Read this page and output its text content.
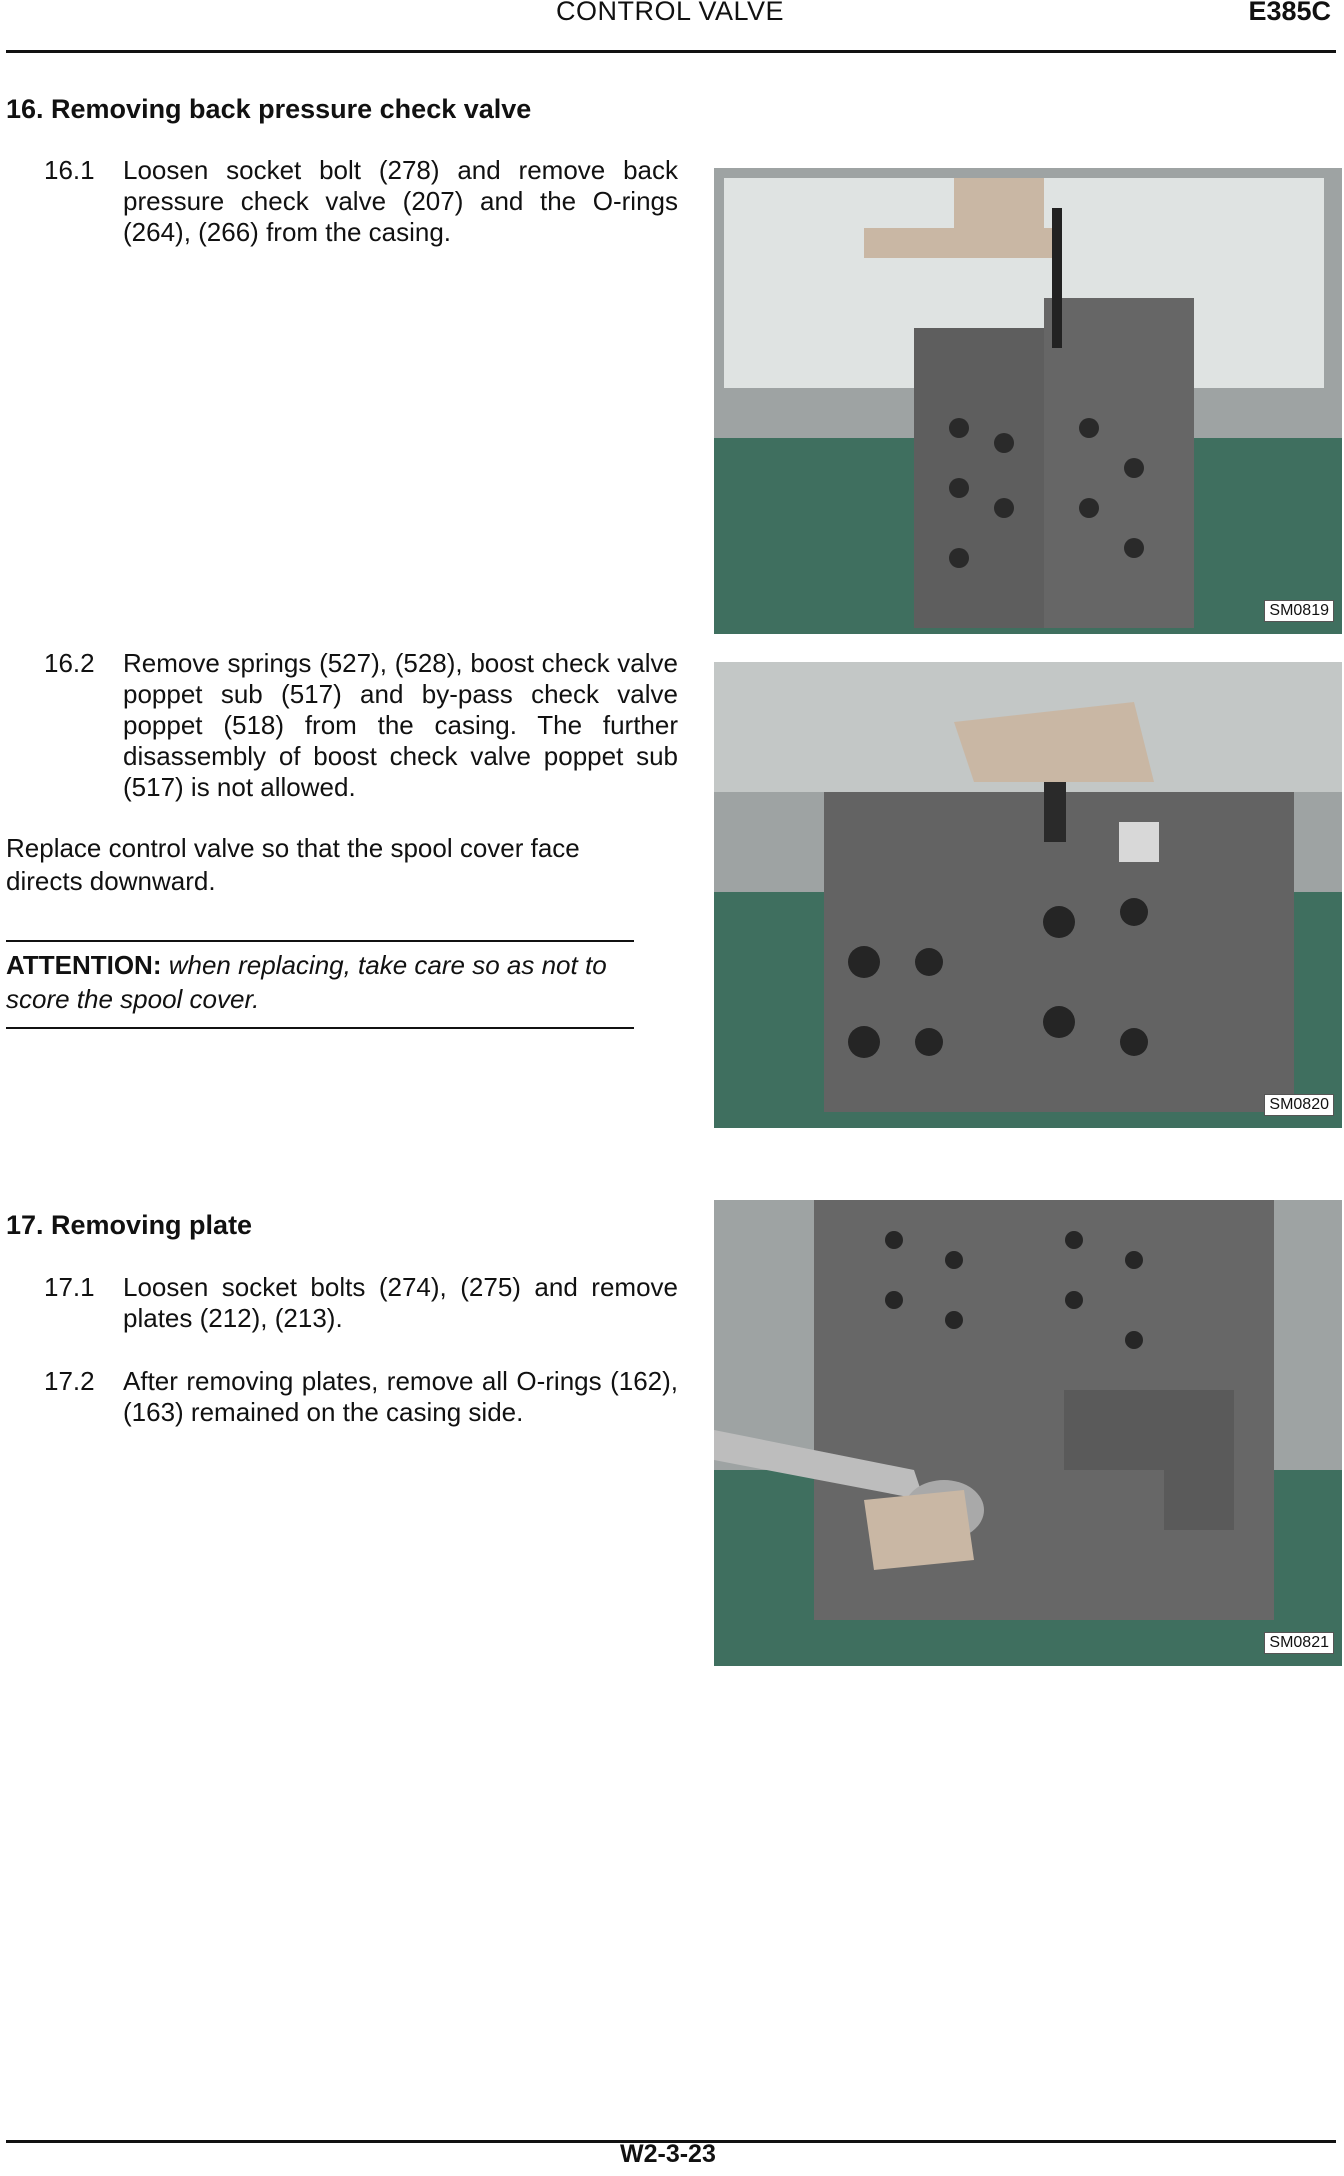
CONTROL VALVE	E385C
16. Removing back pressure check valve
16.1 Loosen socket bolt (278) and remove back pressure check valve (207) and the O-rings (264), (266) from the casing.
16.2 Remove springs (527), (528), boost check valve poppet sub (517) and by-pass check valve poppet (518) from the casing. The further disassembly of boost check valve poppet sub (517) is not allowed.
Replace control valve so that the spool cover face directs downward.
ATTENTION: when replacing, take care so as not to score the spool cover.
SM0819
SM0820
17. Removing plate
17.1 Loosen socket bolts (274), (275) and remove plates (212), (213).
17.2 After removing plates, remove all O-rings (162), (163) remained on the casing side.
SM0821
W2-3-23
